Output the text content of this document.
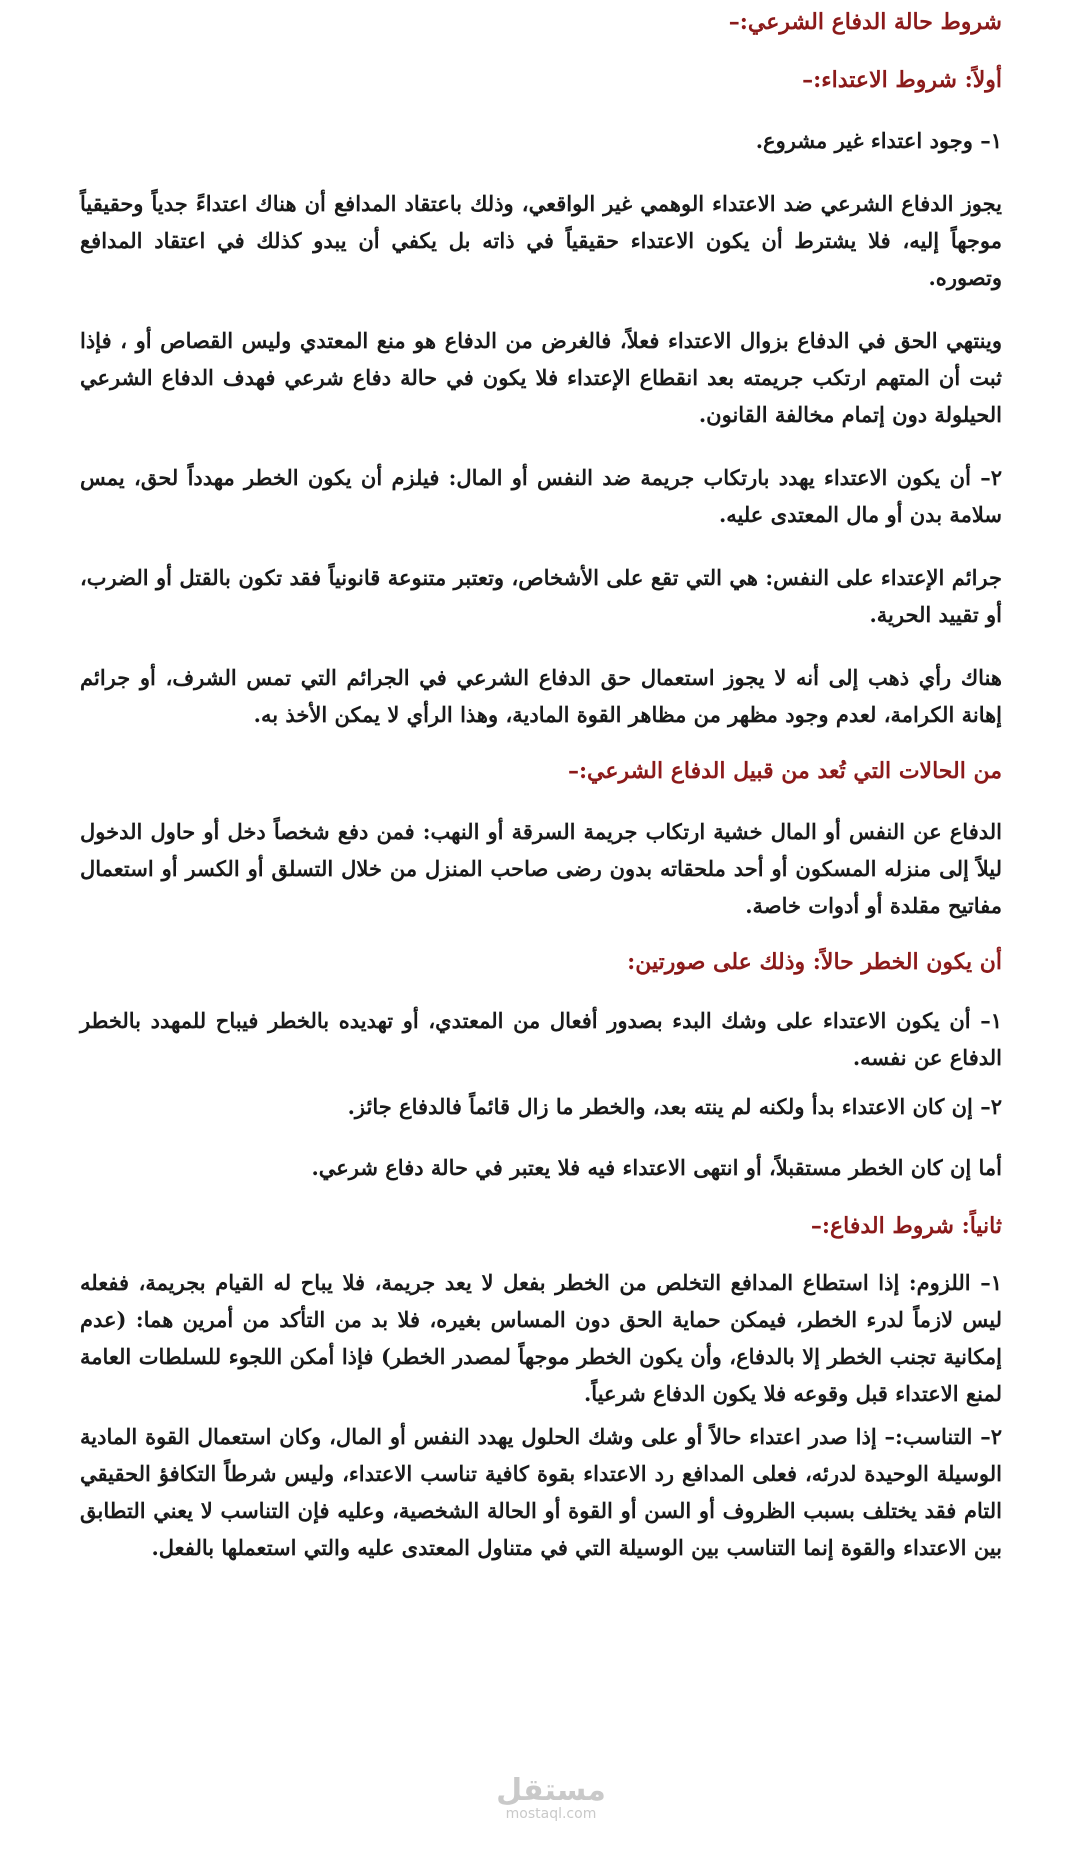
شروط حالة الدفاع الشرعي:–
أولاً: شروط الاعتداء:–

١– وجود اعتداء غير مشروع.

يجوز الدفاع الشرعي ضد الاعتداء الوهمي غير الواقعي، وذلك باعتقاد المدافع أن هناك اعتداءً جدياً وحقيقياً موجهاً إليه، فلا يشترط أن يكون الاعتداء حقيقياً في ذاته بل يكفي أن يبدو كذلك في اعتقاد المدافع وتصوره.

وينتهي الحق في الدفاع بزوال الاعتداء فعلاً، فالغرض من الدفاع هو منع المعتدي وليس القصاص أو ، فإذا ثبت أن المتهم ارتكب جريمته بعد انقطاع الإعتداء فلا يكون في حالة دفاع شرعي فهدف الدفاع الشرعي الحيلولة دون إتمام مخالفة القانون.

٢– أن يكون الاعتداء يهدد بارتكاب جريمة ضد النفس أو المال: فيلزم أن يكون الخطر مهدداً لحق، يمس سلامة بدن أو مال المعتدى عليه.

جرائم الإعتداء على النفس: هي التي تقع على الأشخاص، وتعتبر متنوعة قانونياً فقد تكون بالقتل أو الضرب، أو تقييد الحرية.

هناك رأي ذهب إلى أنه لا يجوز استعمال حق الدفاع الشرعي في الجرائم التي تمس الشرف، أو جرائم إهانة الكرامة، لعدم وجود مظهر من مظاهر القوة المادية، وهذا الرأي لا يمكن الأخذ به.

من الحالات التي تُعد من قبيل الدفاع الشرعي:–

الدفاع عن النفس أو المال خشية ارتكاب جريمة السرقة أو النهب: فمن دفع شخصاً دخل أو حاول الدخول ليلاً إلى منزله المسكون أو أحد ملحقاته بدون رضى صاحب المنزل من خلال التسلق أو الكسر أو استعمال مفاتيح مقلدة أو أدوات خاصة.

أن يكون الخطر حالاً: وذلك على صورتين:

١– أن يكون الاعتداء على وشك البدء بصدور أفعال من المعتدي، أو تهديده بالخطر فيباح للمهدد بالخطر الدفاع عن نفسه.

٢– إن كان الاعتداء بدأ ولكنه لم ينته بعد، والخطر ما زال قائماً فالدفاع جائز.

أما إن كان الخطر مستقبلاً، أو انتهى الاعتداء فيه فلا يعتبر في حالة دفاع شرعي.

ثانياً: شروط الدفاع:–

١– اللزوم: إذا استطاع المدافع التخلص من الخطر بفعل لا يعد جريمة، فلا يباح له القيام بجريمة، ففعله ليس لازماً لدرء الخطر، فيمكن حماية الحق دون المساس بغيره، فلا بد من التأكد من أمرين هما: (عدم إمكانية تجنب الخطر إلا بالدفاع، وأن يكون الخطر موجهاً لمصدر الخطر) فإذا أمكن اللجوء للسلطات العامة لمنع الاعتداء قبل وقوعه فلا يكون الدفاع شرعياً.

٢– التناسب:– إذا صدر اعتداء حالاً أو على وشك الحلول يهدد النفس أو المال، وكان استعمال القوة المادية الوسيلة الوحيدة لدرئه، فعلى المدافع رد الاعتداء بقوة كافية تناسب الاعتداء، وليس شرطاً التكافؤ الحقيقي التام فقد يختلف بسبب الظروف أو السن أو القوة أو الحالة الشخصية، وعليه فإن التناسب لا يعني التطابق بين الاعتداء والقوة إنما التناسب بين الوسيلة التي في متناول المعتدى عليه والتي استعملها بالفعل.

مستقل
mostaql.com
